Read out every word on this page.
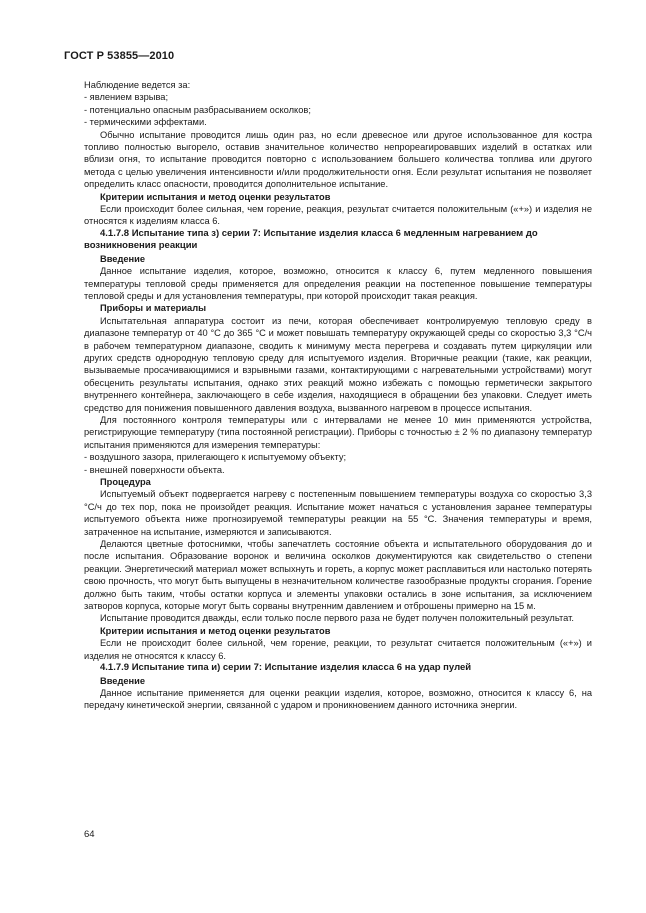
ГОСТ Р 53855—2010

Наблюдение ведется за:

- явлением взрыва;

- потенциально опасным разбрасыванием осколков;

- термическими эффектами.

Обычно испытание проводится лишь один раз, но если древесное или другое использованное для костра топливо полностью выгорело, оставив значительное количество непрореагировавших изделий в остатках или вблизи огня, то испытание проводится повторно с использованием большего количества топлива или другого метода с целью увеличения интенсивности и/или продолжительности огня. Если результат испытания не позволяет определить класс опасности, проводится дополнительное испытание.

Критерии испытания и метод оценки результатов

Если происходит более сильная, чем горение, реакция, результат считается положительным («+») и изделия не относятся к изделиям класса 6.

4.1.7.8 Испытание типа з) серии 7: Испытание изделия класса 6 медленным нагреванием до возникновения реакции

Введение

Данное испытание изделия, которое, возможно, относится к классу 6, путем медленного повышения температуры тепловой среды применяется для определения реакции на постепенное повышение температуры тепловой среды и для установления температуры, при которой происходит такая реакция.

Приборы и материалы

Испытательная аппаратура состоит из печи, которая обеспечивает контролируемую тепловую среду в диапазоне температур от 40 °С до 365 °С и может повышать температуру окружающей среды со скоростью 3,3 °С/ч в рабочем температурном диапазоне, сводить к минимуму места перегрева и создавать путем циркуляции или других средств однородную тепловую среду для испытуемого изделия. Вторичные реакции (такие, как реакции, вызываемые просачивающимися и взрывными газами, контактирующими с нагревательными устройствами) могут обесценить результаты испытания, однако этих реакций можно избежать с помощью герметически закрытого внутреннего контейнера, заключающего в себе изделия, находящиеся в обращении без упаковки. Следует иметь средство для понижения повышенного давления воздуха, вызванного нагревом в процессе испытания.

Для постоянного контроля температуры или с интервалами не менее 10 мин применяются устройства, регистрирующие температуру (типа постоянной регистрации). Приборы с точностью ± 2 % по диапазону температур испытания применяются для измерения температуры:

- воздушного зазора, прилегающего к испытуемому объекту;

- внешней поверхности объекта.

Процедура

Испытуемый объект подвергается нагреву с постепенным повышением температуры воздуха со скоростью 3,3 °С/ч до тех пор, пока не произойдет реакция. Испытание может начаться с установления заранее температуры испытуемого объекта ниже прогнозируемой температуры реакции на 55 °С. Значения температуры и время, затраченное на испытание, измеряются и записываются.

Делаются цветные фотоснимки, чтобы запечатлеть состояние объекта и испытательного оборудования до и после испытания. Образование воронок и величина осколков документируются как свидетельство о степени реакции. Энергетический материал может вспыхнуть и гореть, а корпус может расплавиться или настолько потерять свою прочность, что могут быть выпущены в незначительном количестве газообразные продукты сгорания. Горение должно быть таким, чтобы остатки корпуса и элементы упаковки остались в зоне испытания, за исключением затворов корпуса, которые могут быть сорваны внутренним давлением и отброшены примерно на 15 м.

Испытание проводится дважды, если только после первого раза не будет получен положительный результат.

Критерии испытания и метод оценки результатов

Если не происходит более сильной, чем горение, реакции, то результат считается положительным («+») и изделия не относятся к классу 6.

4.1.7.9 Испытание типа и) серии 7: Испытание изделия класса 6 на удар пулей

Введение

Данное испытание применяется для оценки реакции изделия, которое, возможно, относится к классу 6, на передачу кинетической энергии, связанной с ударом и проникновением данного источника энергии.

64
